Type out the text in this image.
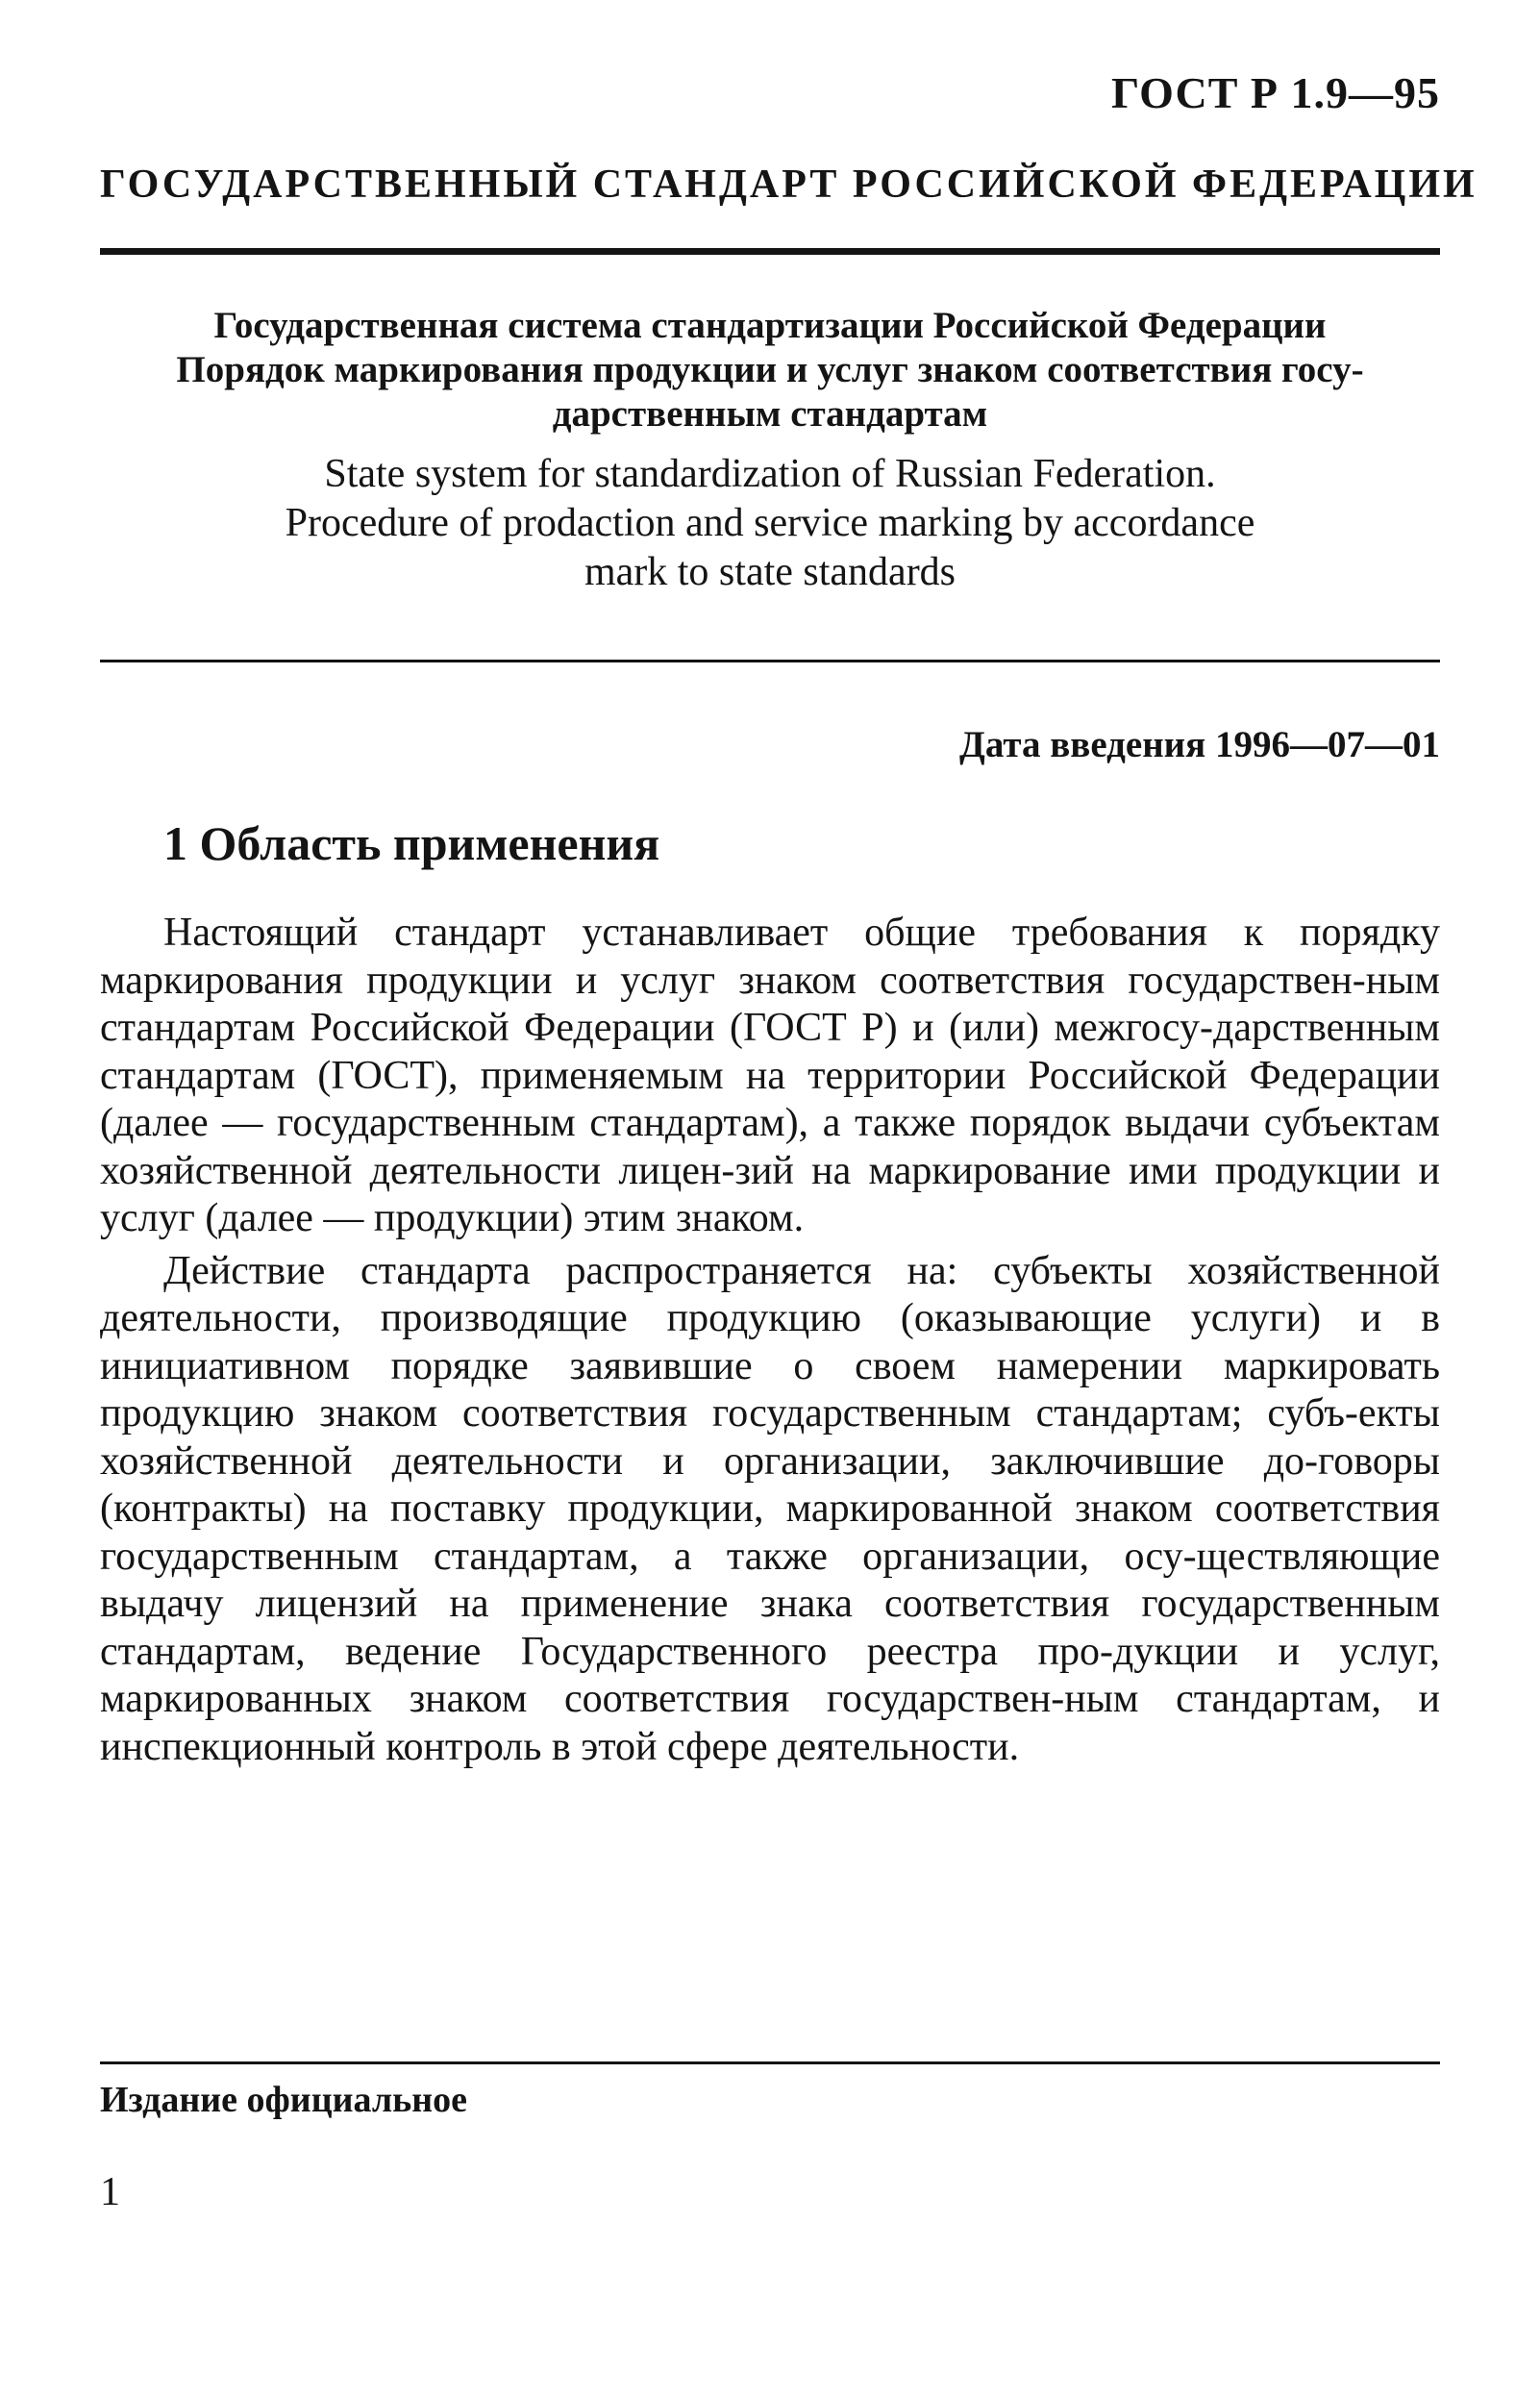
ГОСТ Р 1.9—95
ГОСУДАРСТВЕННЫЙ СТАНДАРТ РОССИЙСКОЙ ФЕДЕРАЦИИ
Государственная система стандартизации Российской Федерации
Порядок маркирования продукции и услуг знаком соответствия госу-
дарственным стандартам
State system for standardization of Russian Federation.
Procedure of prodaction and service marking by accordance
mark to state standards
Дата введения 1996—07—01
1 Область применения

Настоящий стандарт устанавливает общие требования к порядку маркирования продукции и услуг знаком соответствия государствен-ным стандартам Российской Федерации (ГОСТ Р) и (или) межгосу-дарственным стандартам (ГОСТ), применяемым на территории Российской Федерации (далее — государственным стандартам), а также порядок выдачи субъектам хозяйственной деятельности лицен-зий на маркирование ими продукции и услуг (далее — продукции) этим знаком.

Действие стандарта распространяется на: субъекты хозяйственной деятельности, производящие продукцию (оказывающие услуги) и в инициативном порядке заявившие о своем намерении маркировать продукцию знаком соответствия государственным стандартам; субъ-екты хозяйственной деятельности и организации, заключившие до-говоры (контракты) на поставку продукции, маркированной знаком соответствия государственным стандартам, а также организации, осу-ществляющие выдачу лицензий на применение знака соответствия государственным стандартам, ведение Государственного реестра про-дукции и услуг, маркированных знаком соответствия государствен-ным стандартам, и инспекционный контроль в этой сфере деятельности.

Издание официальное
1
